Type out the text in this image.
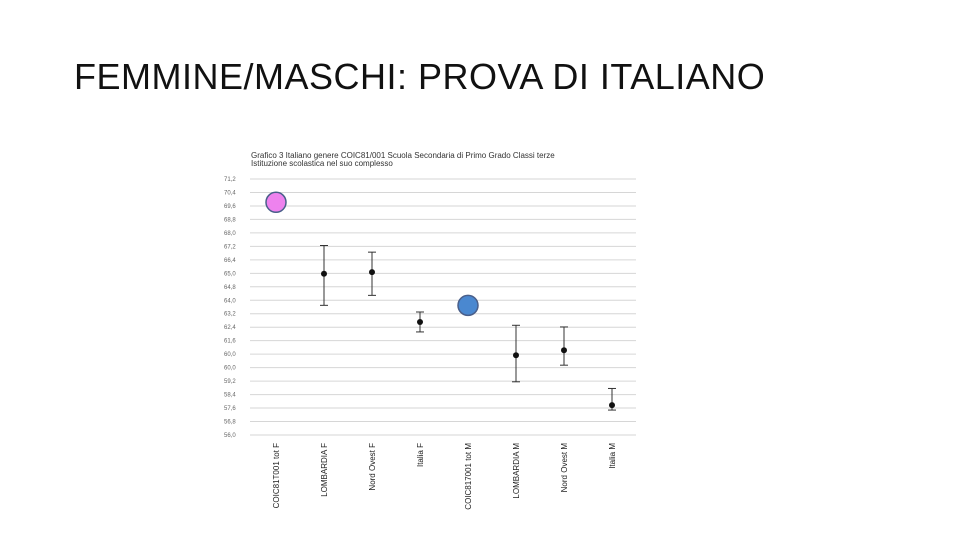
FEMMINE/MASCHI: PROVA DI ITALIANO
Grafico 3 Italiano genere COIC81/001 Scuola Secondaria di Primo Grado Classi terze
Istituzione scolastica nel suo complesso
71,2
70,4
69,6
68,8
68,0
67,2
66,4
65,0
64,8
64,0
63,2
62,4
61,6
60,0
60,0
59,2
58,4
57,6
56,8
56,0
COIC81T001 tot F	LOMBARDIA F	Nord Ovest F	Italia F	COIC817001 tot M	LOMBARDIA M	Nord Ovest M	Italia M
